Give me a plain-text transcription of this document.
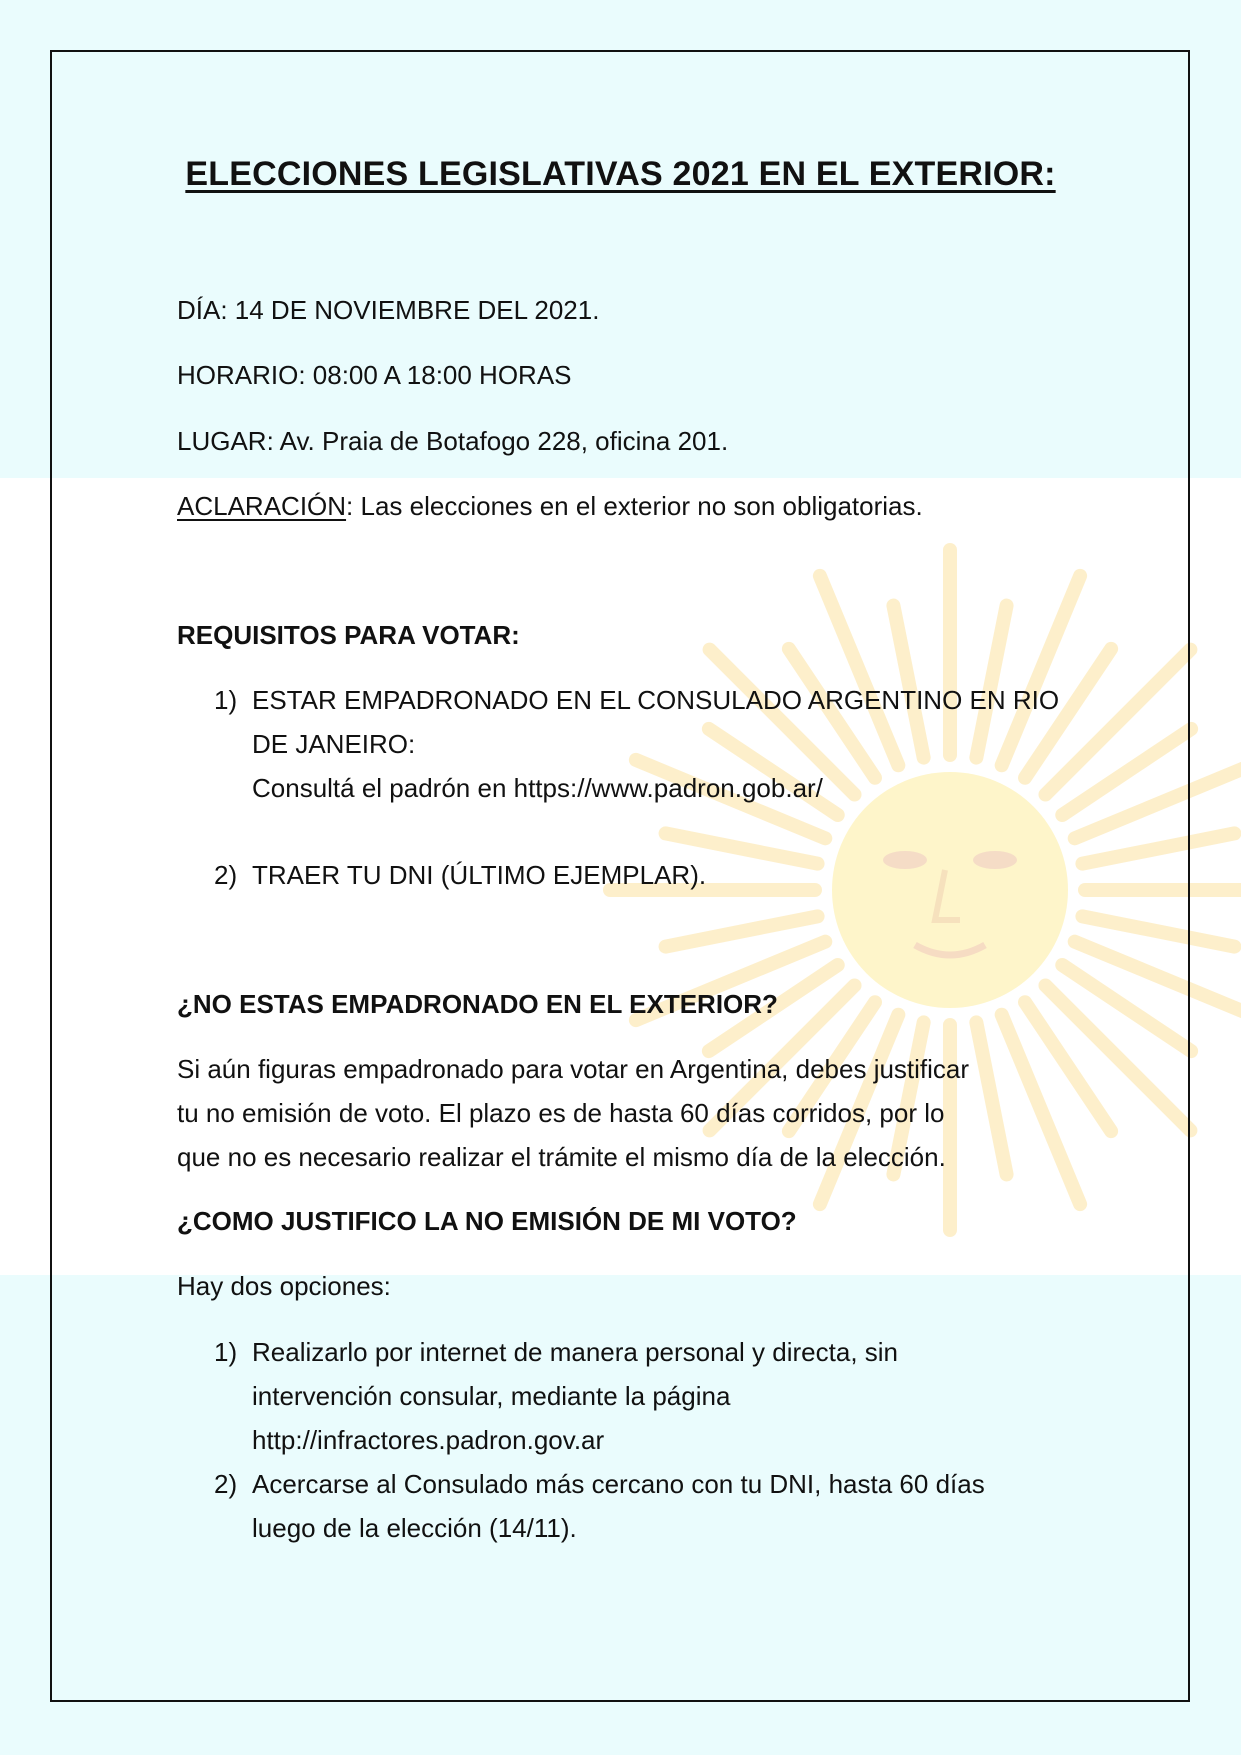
ELECCIONES LEGISLATIVAS 2021 EN EL EXTERIOR:
DÍA: 14 DE NOVIEMBRE DEL 2021.
HORARIO: 08:00 A 18:00 HORAS
LUGAR: Av. Praia de Botafogo 228, oficina 201.
ACLARACIÓN: Las elecciones en el exterior no son obligatorias.
REQUISITOS PARA VOTAR:
1) ESTAR EMPADRONADO EN EL CONSULADO ARGENTINO EN RIO
DE JANEIRO:
Consultá el padrón en https://www.padron.gob.ar/
2) TRAER TU DNI (ÚLTIMO EJEMPLAR).
¿NO ESTAS EMPADRONADO EN EL EXTERIOR?
Si aún figuras empadronado para votar en Argentina, debes justificar
tu no emisión de voto. El plazo es de hasta 60 días corridos, por lo
que no es necesario realizar el trámite el mismo día de la elección.
¿COMO JUSTIFICO LA NO EMISIÓN DE MI VOTO?
Hay dos opciones:
1) Realizarlo por internet de manera personal y directa, sin
intervención consular, mediante la página
http://infractores.padron.gov.ar
2) Acercarse al Consulado más cercano con tu DNI, hasta 60 días
luego de la elección (14/11).
